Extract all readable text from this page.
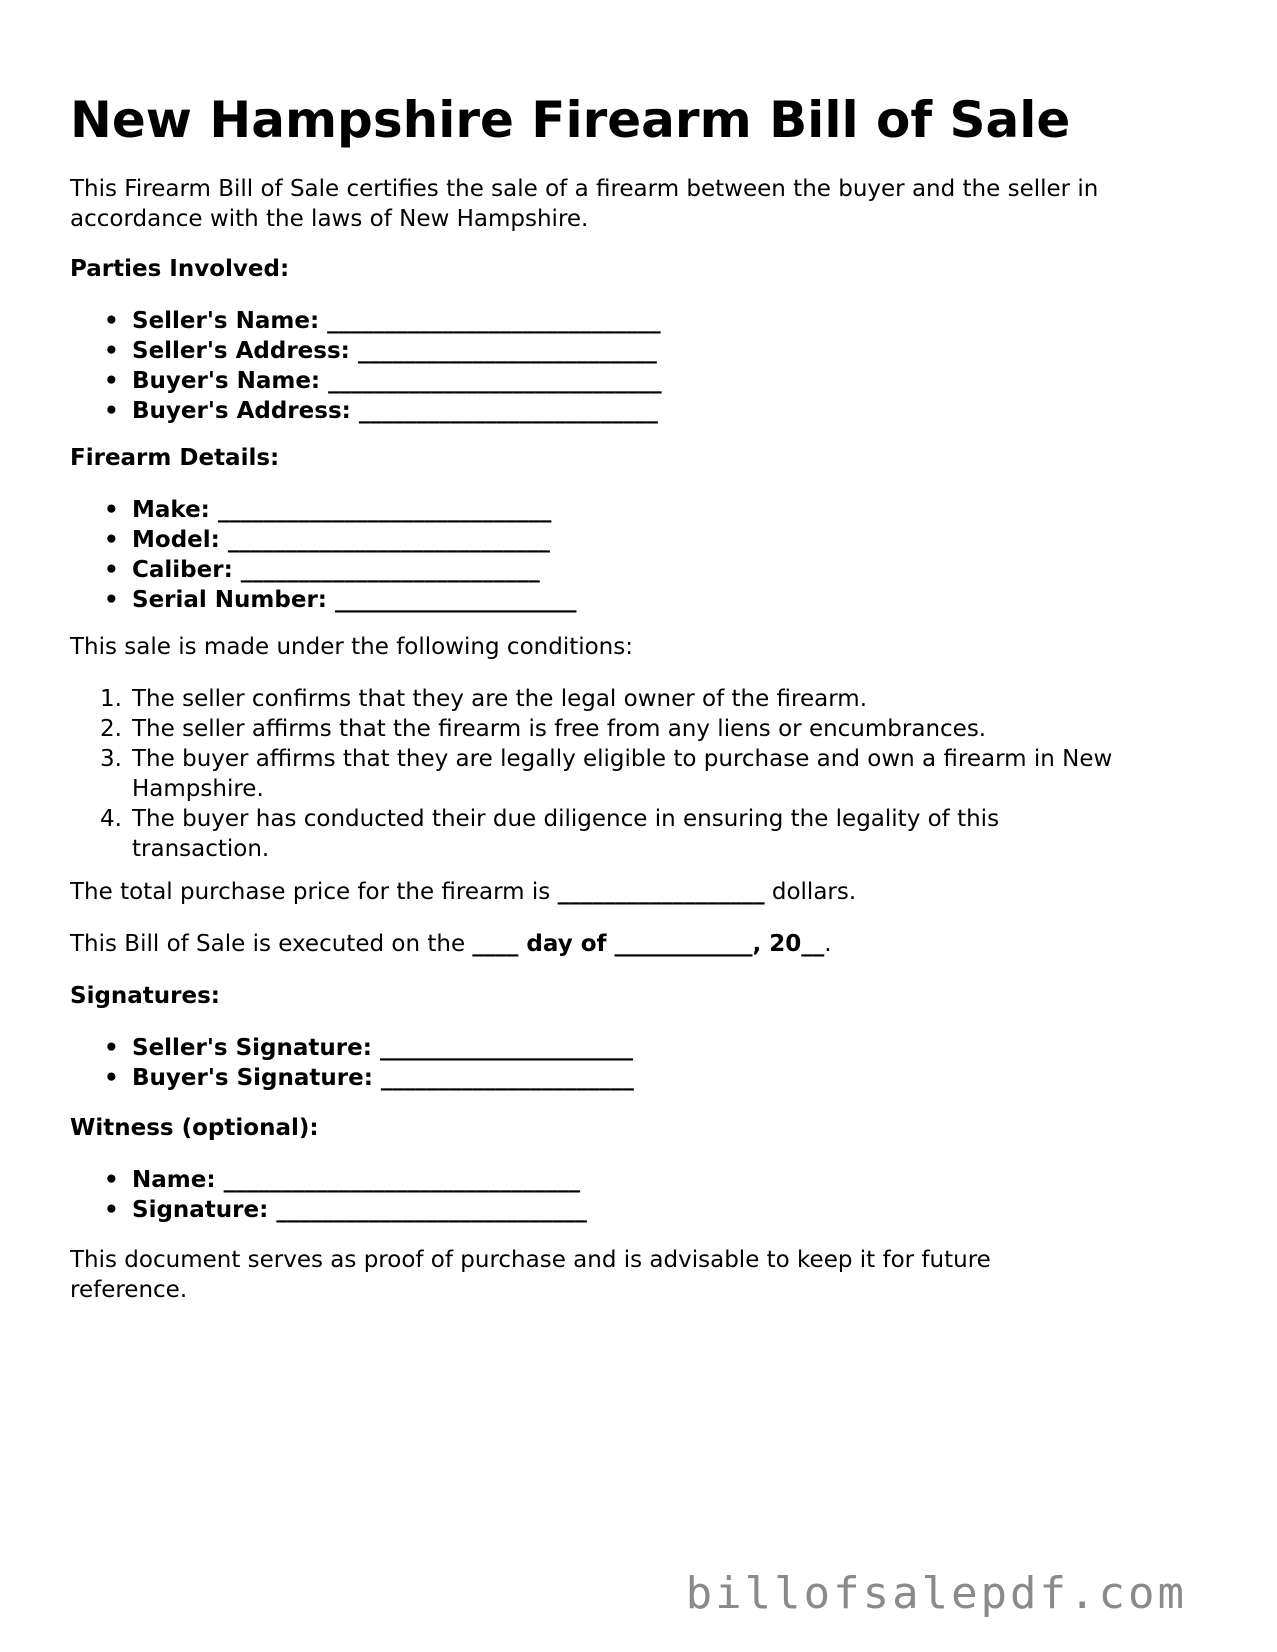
New Hampshire Firearm Bill of Sale

This Firearm Bill of Sale certifies the sale of a firearm between the buyer and the seller in accordance with the laws of New Hampshire.

Parties Involved:

• Seller's Name: _____________________________
• Seller's Address: __________________________
• Buyer's Name: _____________________________
• Buyer's Address: __________________________

Firearm Details:

• Make: _____________________________
• Model: ____________________________
• Caliber: __________________________
• Serial Number: _____________________

This sale is made under the following conditions:

1. The seller confirms that they are the legal owner of the firearm.
2. The seller affirms that the firearm is free from any liens or encumbrances.
3. The buyer affirms that they are legally eligible to purchase and own a firearm in New Hampshire.
4. The buyer has conducted their due diligence in ensuring the legality of this transaction.

The total purchase price for the firearm is __________________ dollars.

This Bill of Sale is executed on the ____ day of ____________, 20__.

Signatures:

• Seller's Signature: ______________________
• Buyer's Signature: ______________________

Witness (optional):

• Name: _______________________________
• Signature: ___________________________

This document serves as proof of purchase and is advisable to keep it for future reference.

billofsalepdf.com
